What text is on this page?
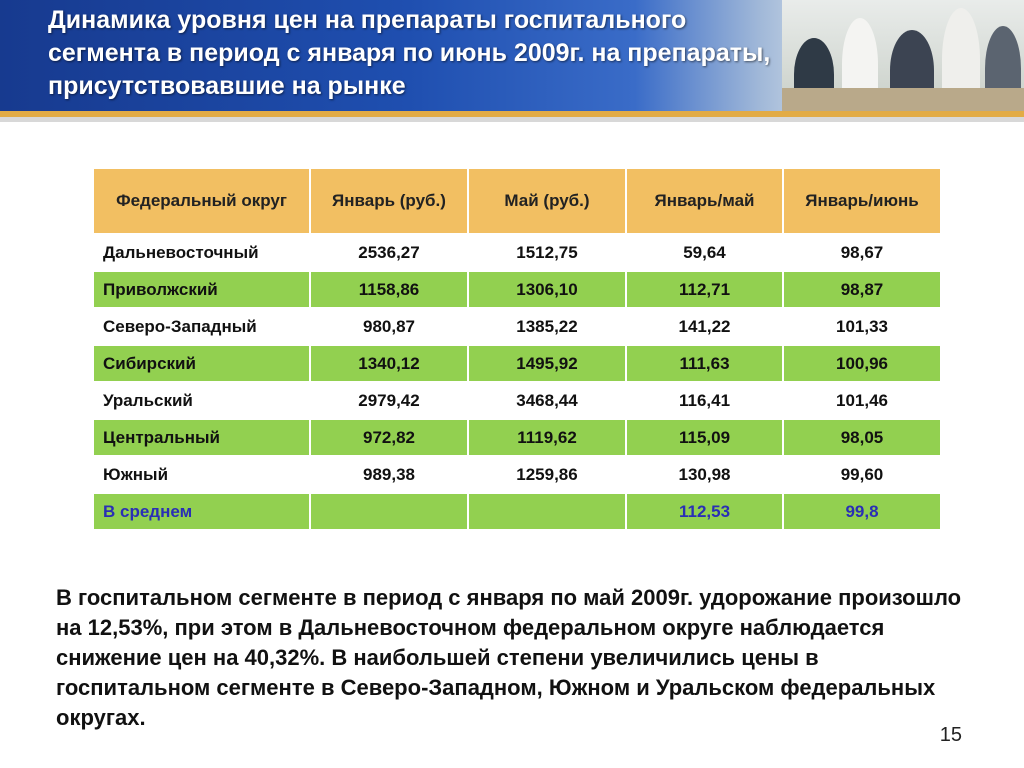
Динамика уровня цен на препараты госпитального сегмента в период с января по июнь 2009г. на препараты, присутствовавшие на рынке
Федеральный округ	Январь (руб.)	Май (руб.)	Январь/май	Январь/июнь
Дальневосточный	2536,27	1512,75	59,64	98,67
Приволжский	1158,86	1306,10	112,71	98,87
Северо-Западный	980,87	1385,22	141,22	101,33
Сибирский	1340,12	1495,92	111,63	100,96
Уральский	2979,42	3468,44	116,41	101,46
Центральный	972,82	1119,62	115,09	98,05
Южный	989,38	1259,86	130,98	99,60
В среднем			112,53	99,8

В госпитальном сегменте в период с января по май 2009г. удорожание произошло на 12,53%, при этом в Дальневосточном федеральном округе наблюдается снижение цен на 40,32%. В наибольшей степени увеличились цены в госпитальном сегменте в Северо-Западном, Южном и Уральском федеральных округах.

15
